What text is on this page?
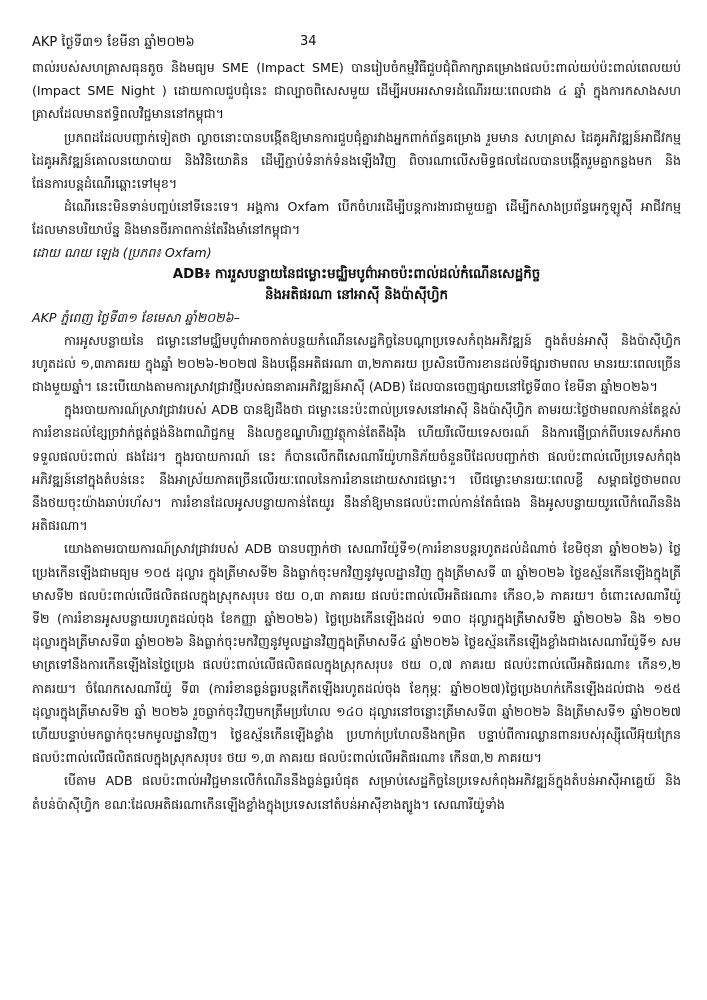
AKP ថ្ងៃទី៣១ ខែមីនា ឆ្នាំ២០២៦	34

ពាល់របស់សហគ្រាសធុនតូច និងមធ្យម SME (Impact SME) បានរៀបចំកម្មវិធីជួបជុំពិភាក្សាគម្រោងផលប៉ះពាល់យប់ប៉ះពាល់ពេលយប់ (Impact SME Night ) ដោយកាលជួបជុំនេះ ជាល្បាចពិសេសមួយ ដើម្បីអបអរសាទរដំណើររយៈពេលជាង ៤ ឆ្នាំ ក្នុងការកសាងសហគ្រាសដែលមានឥទ្ធិពលវិជ្ជមាននៅកម្ពុជា។

ប្រភពដដែលបញ្ជាក់ទៀតថា ល្ងាចនោះបានបង្កើតឱ្យមានការជួបជុំគ្នារវាងអ្នកពាក់ព័ន្ធគម្រោង រួមមាន សហគ្រាស ដៃគូអភិវឌ្ឍន៍អាជីវកម្ម ដៃគូអភិវឌ្ឍន៍គោលនយោបាយ និងវិនិយោគិន ដើម្បីភ្ជាប់ទំនាក់ទំនងឡើងវិញ ពិចារណាលើសមិទ្ធផលដែលបានបង្កើតរួមគ្នាកន្លងមក និងផែនការបន្តដំណើរឆ្ពោះទៅមុខ។

ដំណើរនេះមិនទាន់បញ្ចប់នៅទីនេះទេ។ អង្គការ Oxfam បើកចំហរដើម្បីបន្តការងារជាមួយគ្នា ដើម្បីកសាងប្រព័ន្ធអេកូឡូស៊ី អាជីវកម្មដែលមានបរិយាប័ន្ន និងមានចីរភាពកាន់តែរឹងមាំនៅកម្ពុជា។

ដោយ ណយ ឡេង (ប្រភព៖ Oxfam)
ADB៖ ការរួសបន្ទាយនៃជម្លោះមជ្ឈិមបូព៌ាអាចប៉ះពាល់ដល់កំណើនសេដ្ឋកិច្ច
និងអតិផរណា នៅអាស៊ី និងប៉ាស៊ីហ្វិក
AKP ភ្នំពេញ ថ្ងៃទី៣១ ខែមេសា ឆ្នាំ២០២៦–

ការអូសបន្លាយនៃ ជម្លោះនៅមជ្ឈិមបូព៌ាអាចកាត់បន្ថយកំណើនសេដ្ឋកិច្ចនៃបណ្តាប្រទេសកំពុងអភិវឌ្ឍន៍ ក្នុងតំបន់អាស៊ី និងប៉ាស៊ីហ្វិក រហូតដល់ ១,៣ភាគរយ ក្នុងឆ្នាំ ២០២៦-២០២៧ និងបង្កើនអតិផរណា ៣,២ភាគរយ ប្រសិនបើការខានដល់ទីផ្សារថាមពល មានរយៈពេលច្រើនជាងមួយឆ្នាំ។ នេះបើយោងតាមការស្រាវជ្រាវថ្មីរបស់ធនាគារអភិវឌ្ឍន៍អាស៊ី (ADB) ដែលបានចេញផ្សាយនៅថ្ងៃទី៣០ ខែមីនា ឆ្នាំ២០២៦។

ក្នុងរបាយការណ៍ស្រាវជ្រាវរបស់ ADB បានឱ្យដឹងថា ជម្លោះនេះប៉ះពាល់ប្រទេសនៅអាស៊ី និងប៉ាស៊ីហ្វិក តាមរយៈថ្លៃថាមពលកាន់តែខ្ពស់ ការរំខានដល់ខ្សែច្រវាក់ផ្គត់ផ្គង់និងពាណិជ្ជកម្ម និងលក្ខខណ្ឌហិរញ្ញវត្ថុកាន់តែតឹងរ៉ឹង ហើយរីលើយទេសចរណ៍ និងការផ្ញើប្រាក់ពីបរទេសក៏អាចទទួលផលប៉ះពាល់ ផងដែរ។ ក្នុងរបាយការណ៍ នេះ ក៏បានលើកពីសេណារីយ៉ូហានិភ័យចំនួនបីដែលបញ្ជាក់ថា ផលប៉ះពាល់លើប្រទេសកំពុងអភិវឌ្ឍន៍នៅក្នុងតំបន់នេះ នឹងអាស្រ័យភាគច្រើនលើរយៈពេលនៃការរំខានដោយសារជម្លោះ។ បើជម្លោះមានរយៈពេលខ្លី សម្ពាធថ្លៃថាមពលនឹងថយចុះយ៉ាងឆាប់រហ័ស។ ការរំខានដែលអូសបន្លាយកាន់តែយូរ នឹងនាំឱ្យមានផលប៉ះពាល់កាន់តែធំធេង និងអូសបន្លាយយូរលើកំណើននិងអតិផរណា។

យោងតាមរបាយការណ៍ស្រាវជ្រាវរបស់ ADB បានបញ្ជាក់ថា សេណារីយ៉ូទី១(ការរំខានបន្តរហូតដល់ដំណាច់ ខែមិថុនា ឆ្នាំ២០២៦) ថ្លៃប្រេងកើនឡើងជាមធ្យម ១០៥ ដុល្លារ ក្នុងត្រីមាសទី២ និងធ្លាក់ចុះមកវិញនូវមូលដ្ឋានវិញ ក្នុងត្រីមាសទី ៣ ឆ្នាំ២០២៦ ថ្លៃឧស្ម័នកើនឡើងក្នុងត្រីមាសទី២ ផលប៉ះពាល់លើផលិតផលក្នុងស្រុកសរុប៖ ថយ ០,៣ ភាគរយ ផលប៉ះពាល់លើអតិផរណា៖ កើន០,៦ ភាគរយ។ ចំពោះសេណារីយ៉ូ ទី២ (ការរំខានអូសបន្លាយរហូតដល់ចុង ខែកញ្ញា ឆ្នាំ២០២៦) ថ្លៃប្រេងកើនឡើងដល់ ១៣០ ដុល្លារក្នុងត្រីមាសទី២ ឆ្នាំ២០២៦ និង ១២០ ដុល្លារក្នុងត្រីមាសទី៣ ឆ្នាំ២០២៦ និងធ្លាក់ចុះមកវិញនូវមូលដ្ឋានវិញក្នុងត្រីមាសទី៤ ឆ្នាំ២០២៦ ថ្លៃឧស្ម័នកើនឡើងខ្លាំងជាងសេណារីយ៉ូទី១ សមមាត្រទៅនឹងការកើនឡើងនៃថ្លៃប្រេង ផលប៉ះពាល់លើផលិតផលក្នុងស្រុកសរុប៖ ថយ ០,៧ ភាគរយ ផលប៉ះពាល់លើអតិផរណា៖ កើន១,២ ភាគរយ។ ចំណែកសេណារីយ៉ូ ទី៣ (ការរំខានធ្ងន់ធ្ងរបន្តកើតឡើងរហូតដល់ចុង ខែកុម្ភៈ ឆ្នាំ២០២៧)ថ្លៃប្រេងហក់កើនឡើងដល់ជាង ១៥៥ ដុល្លារក្នុងត្រីមាសទី២ ឆ្នាំ ២០២៦ រួចធ្លាក់ចុះវិញមកត្រឹមប្រហែល ១៤០ ដុល្លារនៅចន្លោះត្រីមាសទី៣ ឆ្នាំ២០២៦ និងត្រីមាសទី១ ឆ្នាំ២០២៧ ហើយបន្ទាប់មកធ្លាក់ចុះមកមូលដ្ឋានវិញ។ ថ្លៃឧស្ម័នកើនឡើងខ្លាំង ប្រហាក់ប្រហែលនឹងកម្រិត បន្ទាប់ពីការឈ្លានពានរបស់រុស្ស៊ីលើអ៊ុយក្រែន ផលប៉ះពាល់លើផលិតផលក្នុងស្រុកសរុប៖ ថយ ១,៣ ភាគរយ ផលប៉ះពាល់លើអតិផរណា៖ កើន៣,២ ភាគរយ។

បើតាម ADB ផលប៉ះពាល់អវិជ្ជមានលើកំណើននឹងធ្ងន់ធ្ងរបំផុត សម្រាប់សេដ្ឋកិច្ចនៃប្រទេសកំពុងអភិវឌ្ឍន៍ក្នុងតំបន់អាស៊ីអាគ្នេយ៍ និងតំបន់ប៉ាស៊ីហ្វិក ខណៈដែលអតិផរណាកើនឡើងខ្លាំងក្នុងប្រទេសនៅតំបន់អាស៊ីខាងត្បូង។ សេណារីយ៉ូទាំង
